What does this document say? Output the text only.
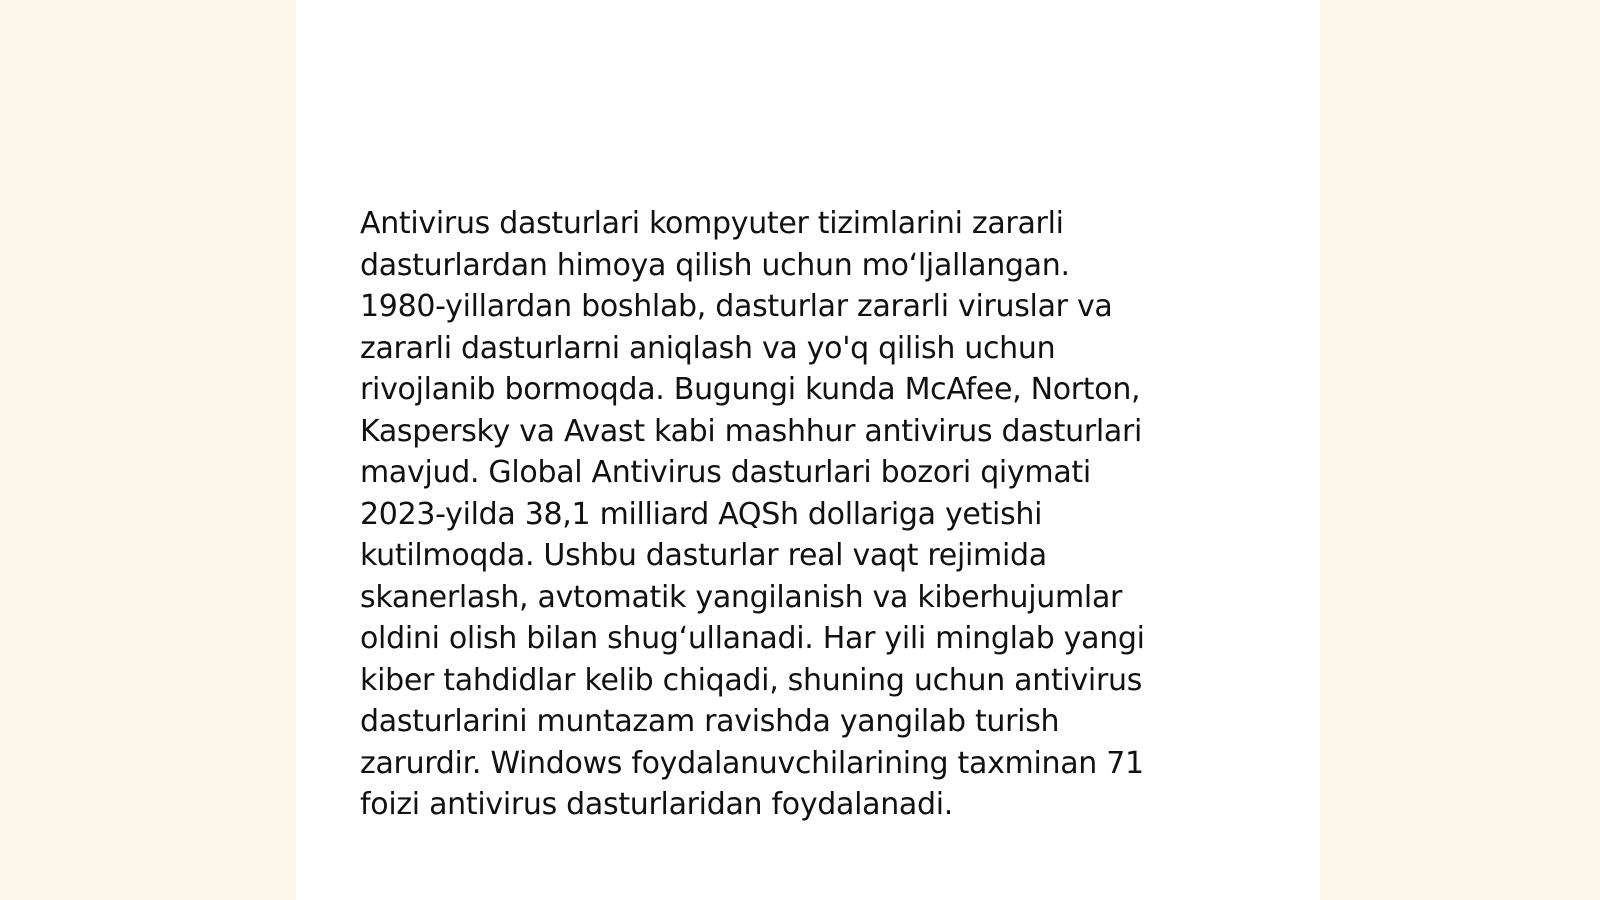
Antivirus dasturlari kompyuter tizimlarini zararli
dasturlardan himoya qilish uchun mo‘ljallangan.
1980-yillardan boshlab, dasturlar zararli viruslar va
zararli dasturlarni aniqlash va yo'q qilish uchun
rivojlanib bormoqda. Bugungi kunda McAfee, Norton,
Kaspersky va Avast kabi mashhur antivirus dasturlari
mavjud. Global Antivirus dasturlari bozori qiymati
2023-yilda 38,1 milliard AQSh dollariga yetishi
kutilmoqda. Ushbu dasturlar real vaqt rejimida
skanerlash, avtomatik yangilanish va kiberhujumlar
oldini olish bilan shug‘ullanadi. Har yili minglab yangi
kiber tahdidlar kelib chiqadi, shuning uchun antivirus
dasturlarini muntazam ravishda yangilab turish
zarurdir. Windows foydalanuvchilarining taxminan 71
foizi antivirus dasturlaridan foydalanadi.
